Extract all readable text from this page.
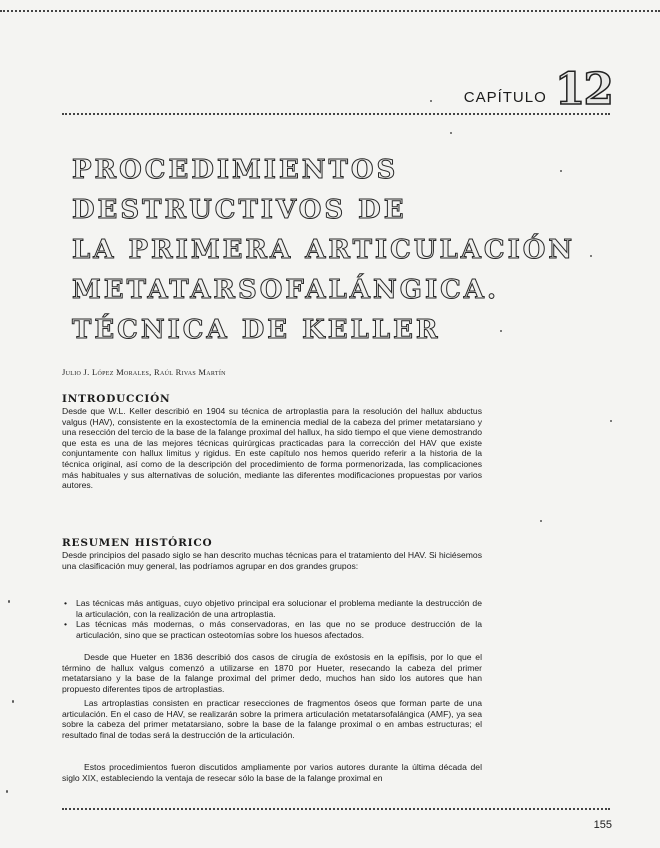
CAPÍTULO 12
PROCEDIMIENTOS
DESTRUCTIVOS DE
LA PRIMERA ARTICULACIÓN
METATARSOFALÁNGICA.
TÉCNICA DE KELLER
Julio J. López Morales, Raúl Rivas Martín
INTRODUCCIÓN

Desde que W.L. Keller describió en 1904 su técnica de artroplastia para la resolución del hallux abductus valgus (HAV), consistente en la exostectomía de la eminencia medial de la cabeza del primer metatarsiano y una resección del tercio de la base de la falange proximal del hallux, ha sido tiempo el que viene demostrando que esta es una de las mejores técnicas quirúrgicas practicadas para la corrección del HAV que existe conjuntamente con hallux limitus y rigidus. En este capítulo nos hemos querido referir a la historia de la técnica original, así como de la descripción del procedimiento de forma pormenorizada, las complicaciones más habituales y sus alternativas de solución, mediante las diferentes modificaciones propuestas por varios autores.

RESUMEN HISTÓRICO

Desde principios del pasado siglo se han descrito muchas técnicas para el tratamiento del HAV. Si hiciésemos una clasificación muy general, las podríamos agrupar en dos grandes grupos:

• Las técnicas más antiguas, cuyo objetivo principal era solucionar el problema mediante la destrucción de la articulación, con la realización de una artroplastia.
• Las técnicas más modernas, o más conservadoras, en las que no se produce destrucción de la articulación, sino que se practican osteotomías sobre los huesos afectados.

Desde que Hueter en 1836 describió dos casos de cirugía de exóstosis en la epífisis, por lo que el término de hallux valgus comenzó a utilizarse en 1870 por Hueter, resecando la cabeza del primer metatarsiano y la base de la falange proximal del primer dedo, muchos han sido los autores que han propuesto diferentes tipos de artroplastias.

Las artroplastias consisten en practicar resecciones de fragmentos óseos que forman parte de una articulación. En el caso de HAV, se realizarán sobre la primera articulación metatarsofalángica (AMF), ya sea sobre la cabeza del primer metatarsiano, sobre la base de la falange proximal o en ambas estructuras; el resultado final de todas será la destrucción de la articulación.

Estos procedimientos fueron discutidos ampliamente por varios autores durante la última década del siglo XIX, estableciendo la ventaja de resecar sólo la base de la falange proximal en

155
